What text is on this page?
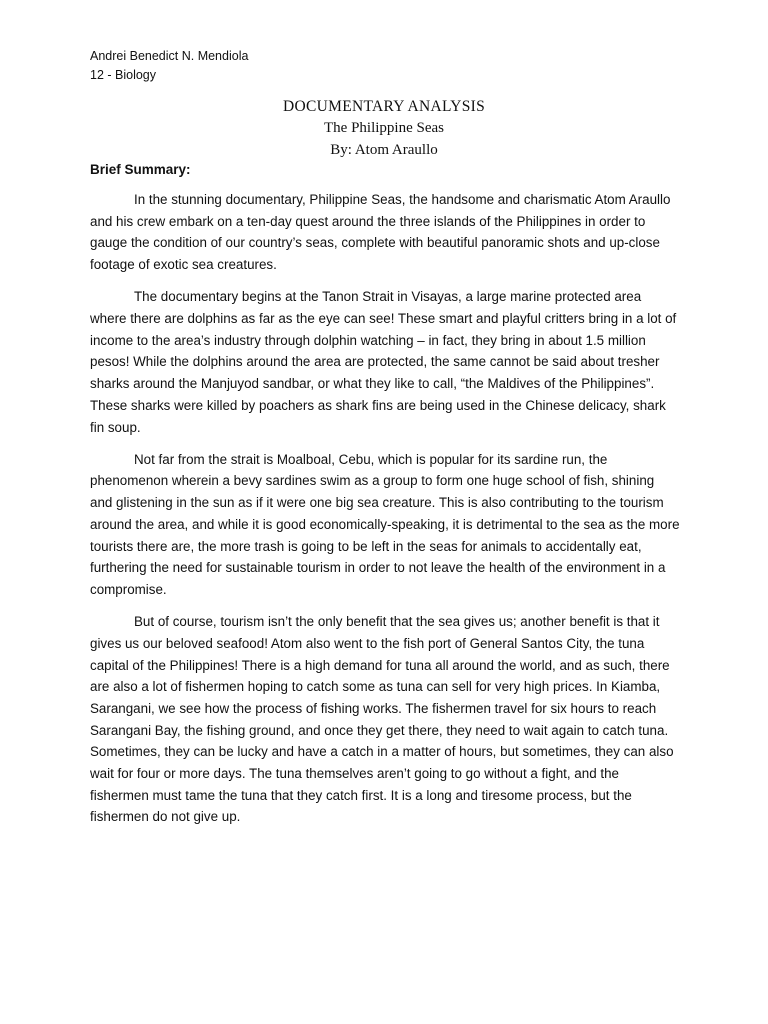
Andrei Benedict N. Mendiola
12 - Biology
DOCUMENTARY ANALYSIS
The Philippine Seas
By: Atom Araullo
Brief Summary:

In the stunning documentary, Philippine Seas, the handsome and charismatic Atom Araullo and his crew embark on a ten-day quest around the three islands of the Philippines in order to gauge the condition of our country’s seas, complete with beautiful panoramic shots and up-close footage of exotic sea creatures.

The documentary begins at the Tanon Strait in Visayas, a large marine protected area where there are dolphins as far as the eye can see! These smart and playful critters bring in a lot of income to the area’s industry through dolphin watching – in fact, they bring in about 1.5 million pesos! While the dolphins around the area are protected, the same cannot be said about tresher sharks around the Manjuyod sandbar, or what they like to call, “the Maldives of the Philippines”. These sharks were killed by poachers as shark fins are being used in the Chinese delicacy, shark fin soup.

Not far from the strait is Moalboal, Cebu, which is popular for its sardine run, the phenomenon wherein a bevy sardines swim as a group to form one huge school of fish, shining and glistening in the sun as if it were one big sea creature. This is also contributing to the tourism around the area, and while it is good economically-speaking, it is detrimental to the sea as the more tourists there are, the more trash is going to be left in the seas for animals to accidentally eat, furthering the need for sustainable tourism in order to not leave the health of the environment in a compromise.

But of course, tourism isn’t the only benefit that the sea gives us; another benefit is that it gives us our beloved seafood! Atom also went to the fish port of General Santos City, the tuna capital of the Philippines! There is a high demand for tuna all around the world, and as such, there are also a lot of fishermen hoping to catch some as tuna can sell for very high prices. In Kiamba, Sarangani, we see how the process of fishing works. The fishermen travel for six hours to reach Sarangani Bay, the fishing ground, and once they get there, they need to wait again to catch tuna. Sometimes, they can be lucky and have a catch in a matter of hours, but sometimes, they can also wait for four or more days. The tuna themselves aren’t going to go without a fight, and the fishermen must tame the tuna that they catch first. It is a long and tiresome process, but the fishermen do not give up.
